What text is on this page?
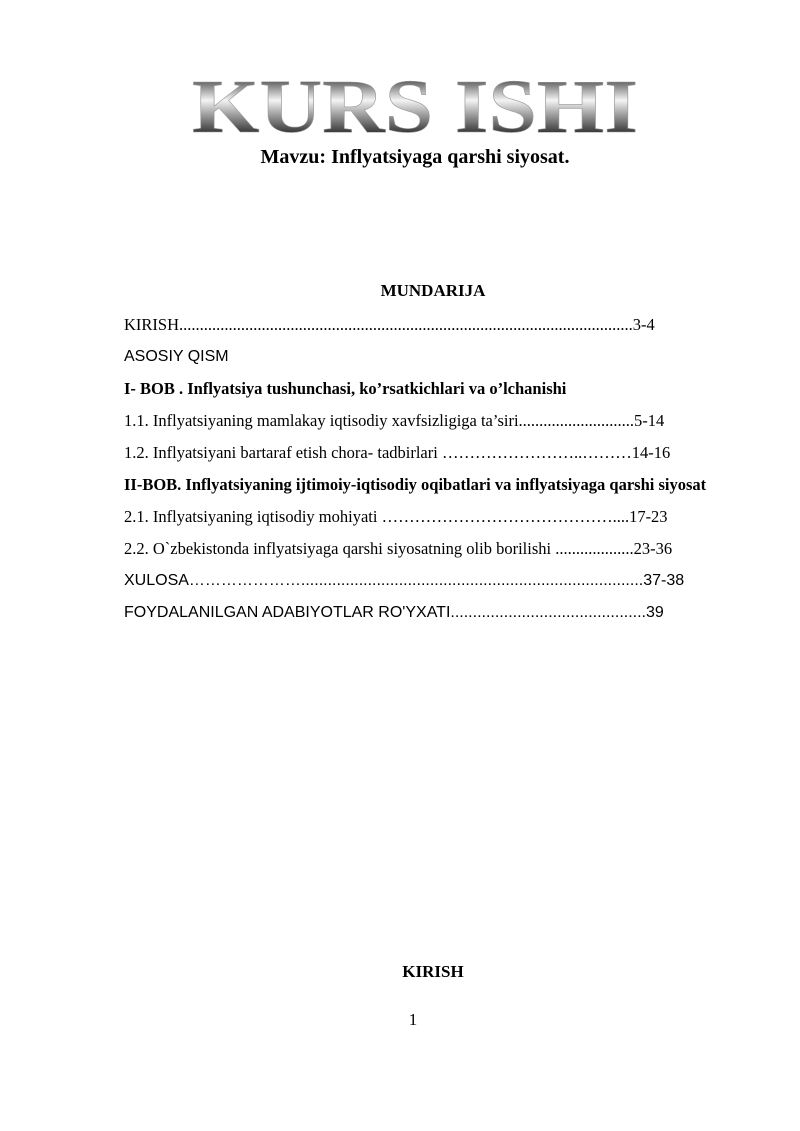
KURS ISHI
Mavzu: Inflyatsiyaga qarshi siyosat.
MUNDARIJA
KIRISH..............................................................................................................3-4
ASOSIY QISM
I- BOB . Inflyatsiya tushunchasi, ko’rsatkichlari va o’lchanishi
1.1. Inflyatsiyaning mamlakay iqtisodiy xavfsizligiga ta’siri............................5-14
1.2. Inflyatsiyani bartaraf etish chora- tadbirlari ……………………..………14-16
II-BOB. Inflyatsiyaning ijtimoiy-iqtisodiy oqibatlari va inflyatsiyaga qarshi siyosat
2.1. Inflyatsiyaning iqtisodiy mohiyati ……………………………………....17-23
2.2. O`zbekistonda inflyatsiyaga qarshi siyosatning olib borilishi ...................23-36
XULOSA………………….............................................................................37-38
FOYDALANILGAN ADABIYOTLAR RO'YXATI............................................39
KIRISH
1
